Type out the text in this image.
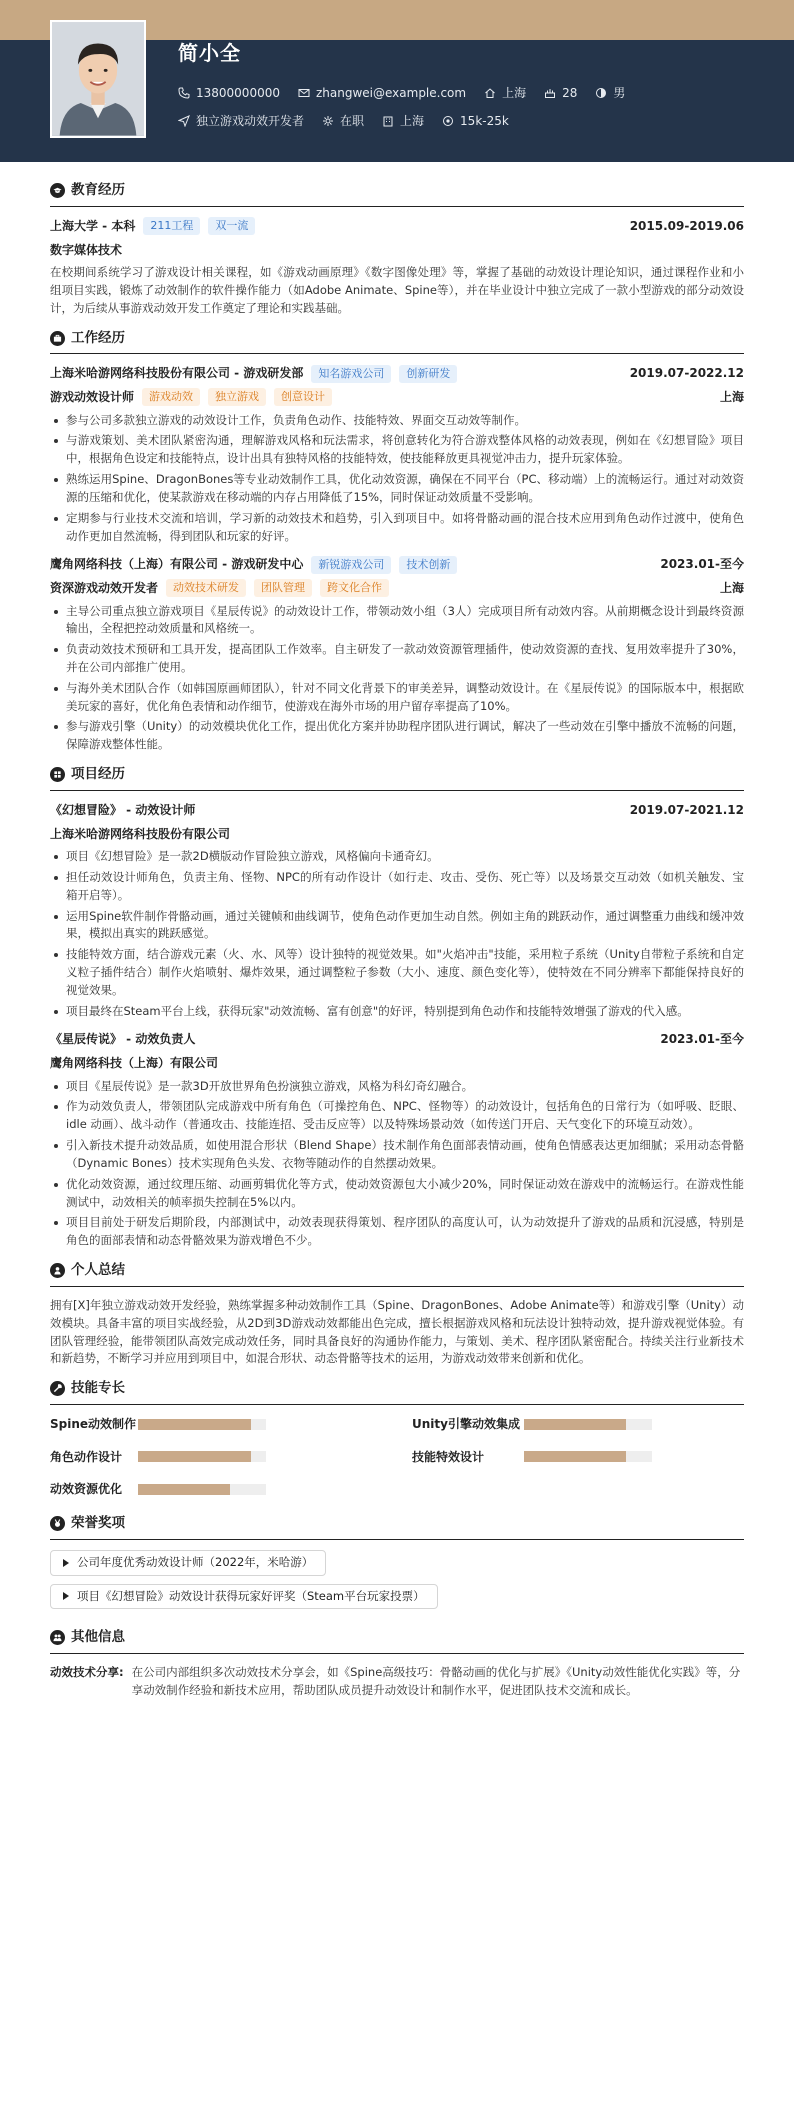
简小全
13800000000	zhangwei@example.com	上海	28	男
独立游戏动效开发者	在职	上海	15k-25k
教育经历
上海大学 - 本科	211工程	双一流	2015.09-2019.06
数字媒体技术
在校期间系统学习了游戏设计相关课程，如《游戏动画原理》《数字图像处理》等，掌握了基础的动效设计理论知识，通过课程作业和小组项目实践，锻炼了动效制作的软件操作能力（如Adobe Animate、Spine等），并在毕业设计中独立完成了一款小型游戏的部分动效设计，为后续从事游戏动效开发工作奠定了理论和实践基础。
工作经历
上海米哈游网络科技股份有限公司 - 游戏研发部	知名游戏公司	创新研发	2019.07-2022.12
游戏动效设计师	游戏动效	独立游戏	创意设计	上海
参与公司多款独立游戏的动效设计工作，负责角色动作、技能特效、界面交互动效等制作。
与游戏策划、美术团队紧密沟通，理解游戏风格和玩法需求，将创意转化为符合游戏整体风格的动效表现，例如在《幻想冒险》项目中，根据角色设定和技能特点，设计出具有独特风格的技能特效，使技能释放更具视觉冲击力，提升玩家体验。
熟练运用Spine、DragonBones等专业动效制作工具，优化动效资源，确保在不同平台（PC、移动端）上的流畅运行。通过对动效资源的压缩和优化，使某款游戏在移动端的内存占用降低了15%，同时保证动效质量不受影响。
定期参与行业技术交流和培训，学习新的动效技术和趋势，引入到项目中。如将骨骼动画的混合技术应用到角色动作过渡中，使角色动作更加自然流畅，得到团队和玩家的好评。
鹰角网络科技（上海）有限公司 - 游戏研发中心	新锐游戏公司	技术创新	2023.01-至今
资深游戏动效开发者	动效技术研发	团队管理	跨文化合作	上海
主导公司重点独立游戏项目《星辰传说》的动效设计工作，带领动效小组（3人）完成项目所有动效内容。从前期概念设计到最终资源输出，全程把控动效质量和风格统一。
负责动效技术预研和工具开发，提高团队工作效率。自主研发了一款动效资源管理插件，使动效资源的查找、复用效率提升了30%，并在公司内部推广使用。
与海外美术团队合作（如韩国原画师团队），针对不同文化背景下的审美差异，调整动效设计。在《星辰传说》的国际版本中，根据欧美玩家的喜好，优化角色表情和动作细节，使游戏在海外市场的用户留存率提高了10%。
参与游戏引擎（Unity）的动效模块优化工作，提出优化方案并协助程序团队进行调试，解决了一些动效在引擎中播放不流畅的问题，保障游戏整体性能。
项目经历
《幻想冒险》 - 动效设计师	2019.07-2021.12
上海米哈游网络科技股份有限公司
项目《幻想冒险》是一款2D横版动作冒险独立游戏，风格偏向卡通奇幻。
担任动效设计师角色，负责主角、怪物、NPC的所有动作设计（如行走、攻击、受伤、死亡等）以及场景交互动效（如机关触发、宝箱开启等）。
运用Spine软件制作骨骼动画，通过关键帧和曲线调节，使角色动作更加生动自然。例如主角的跳跃动作，通过调整重力曲线和缓冲效果，模拟出真实的跳跃感觉。
技能特效方面，结合游戏元素（火、水、风等）设计独特的视觉效果。如"火焰冲击"技能，采用粒子系统（Unity自带粒子系统和自定义粒子插件结合）制作火焰喷射、爆炸效果，通过调整粒子参数（大小、速度、颜色变化等），使特效在不同分辨率下都能保持良好的视觉效果。
项目最终在Steam平台上线，获得玩家"动效流畅、富有创意"的好评，特别提到角色动作和技能特效增强了游戏的代入感。
《星辰传说》 - 动效负责人	2023.01-至今
鹰角网络科技（上海）有限公司
项目《星辰传说》是一款3D开放世界角色扮演独立游戏，风格为科幻奇幻融合。
作为动效负责人，带领团队完成游戏中所有角色（可操控角色、NPC、怪物等）的动效设计，包括角色的日常行为（如呼吸、眨眼、idle 动画）、战斗动作（普通攻击、技能连招、受击反应等）以及特殊场景动效（如传送门开启、天气变化下的环境互动效）。
引入新技术提升动效品质，如使用混合形状（Blend Shape）技术制作角色面部表情动画，使角色情感表达更加细腻；采用动态骨骼（Dynamic Bones）技术实现角色头发、衣物等随动作的自然摆动效果。
优化动效资源，通过纹理压缩、动画剪辑优化等方式，使动效资源包大小减少20%，同时保证动效在游戏中的流畅运行。在游戏性能测试中，动效相关的帧率损失控制在5%以内。
项目目前处于研发后期阶段，内部测试中，动效表现获得策划、程序团队的高度认可，认为动效提升了游戏的品质和沉浸感，特别是角色的面部表情和动态骨骼效果为游戏增色不少。
个人总结
拥有[X]年独立游戏动效开发经验，熟练掌握多种动效制作工具（Spine、DragonBones、Adobe Animate等）和游戏引擎（Unity）动效模块。具备丰富的项目实战经验，从2D到3D游戏动效都能出色完成，擅长根据游戏风格和玩法设计独特动效，提升游戏视觉体验。有团队管理经验，能带领团队高效完成动效任务，同时具备良好的沟通协作能力，与策划、美术、程序团队紧密配合。持续关注行业新技术和新趋势，不断学习并应用到项目中，如混合形状、动态骨骼等技术的运用，为游戏动效带来创新和优化。
技能专长
Spine动效制作	Unity引擎动效集成
角色动作设计	技能特效设计
动效资源优化
荣誉奖项
公司年度优秀动效设计师（2022年，米哈游）
项目《幻想冒险》动效设计获得玩家好评奖（Steam平台玩家投票）
其他信息
动效技术分享: 在公司内部组织多次动效技术分享会，如《Spine高级技巧：骨骼动画的优化与扩展》《Unity动效性能优化实践》等，分享动效制作经验和新技术应用，帮助团队成员提升动效设计和制作水平，促进团队技术交流和成长。
